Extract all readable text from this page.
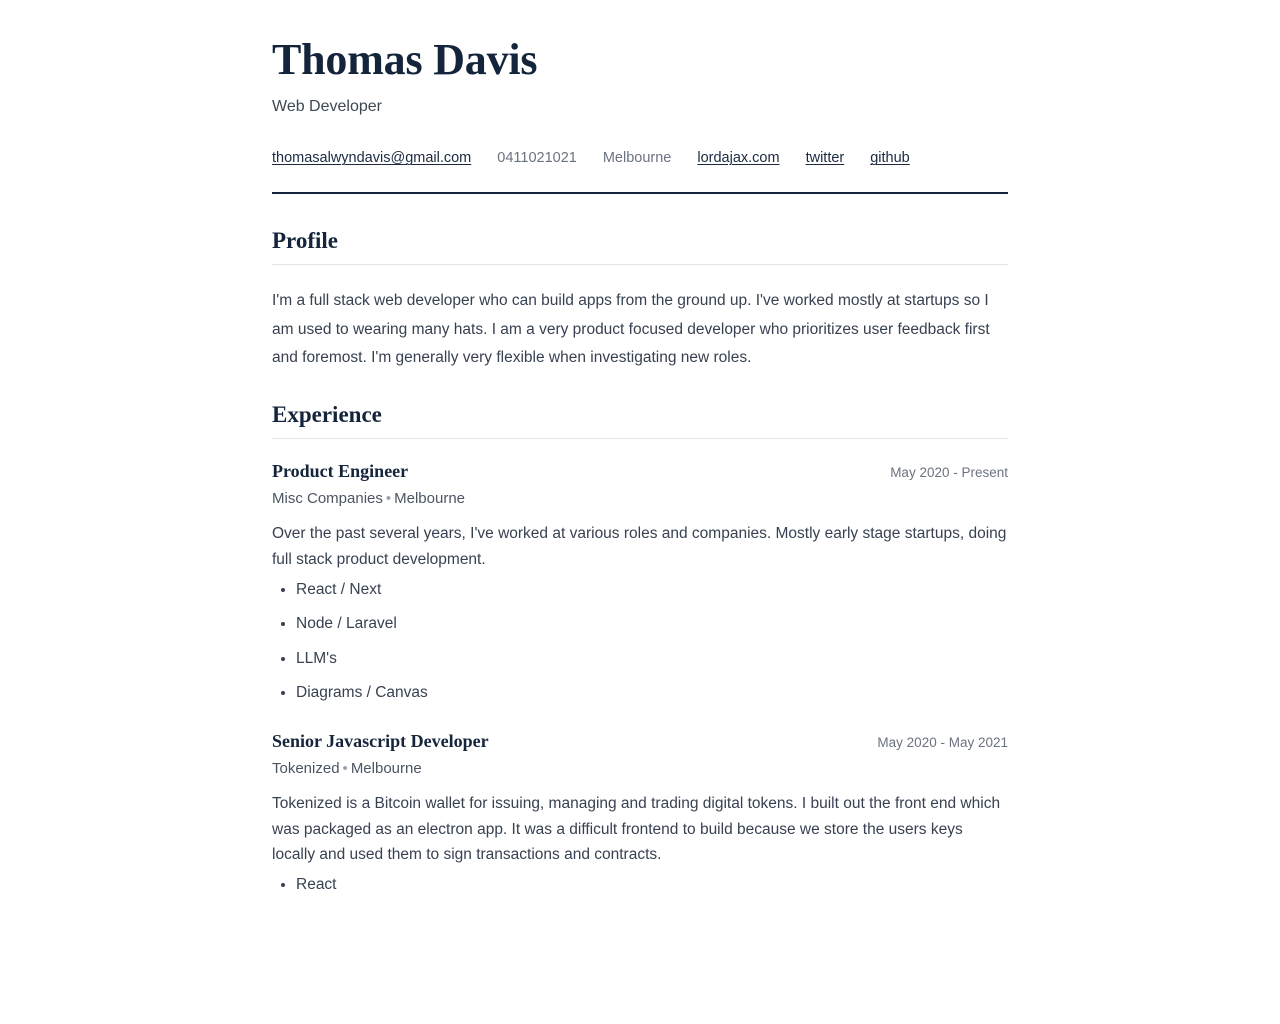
Thomas Davis
Web Developer
thomasalwyndavis@gmail.com 0411021021 Melbourne lordajax.com twitter github
Profile

I'm a full stack web developer who can build apps from the ground up. I've worked mostly at startups so I am used to wearing many hats. I am a very product focused developer who prioritizes user feedback first and foremost. I'm generally very flexible when investigating new roles.

Experience
Product Engineer	May 2020 - Present
Misc Companies • Melbourne

Over the past several years, I've worked at various roles and companies. Mostly early stage startups, doing full stack product development.

• React / Next
• Node / Laravel
• LLM's
• Diagrams / Canvas
Senior Javascript Developer	May 2020 - May 2021
Tokenized • Melbourne

Tokenized is a Bitcoin wallet for issuing, managing and trading digital tokens. I built out the front end which was packaged as an electron app. It was a difficult frontend to build because we store the users keys locally and used them to sign transactions and contracts.

• React
